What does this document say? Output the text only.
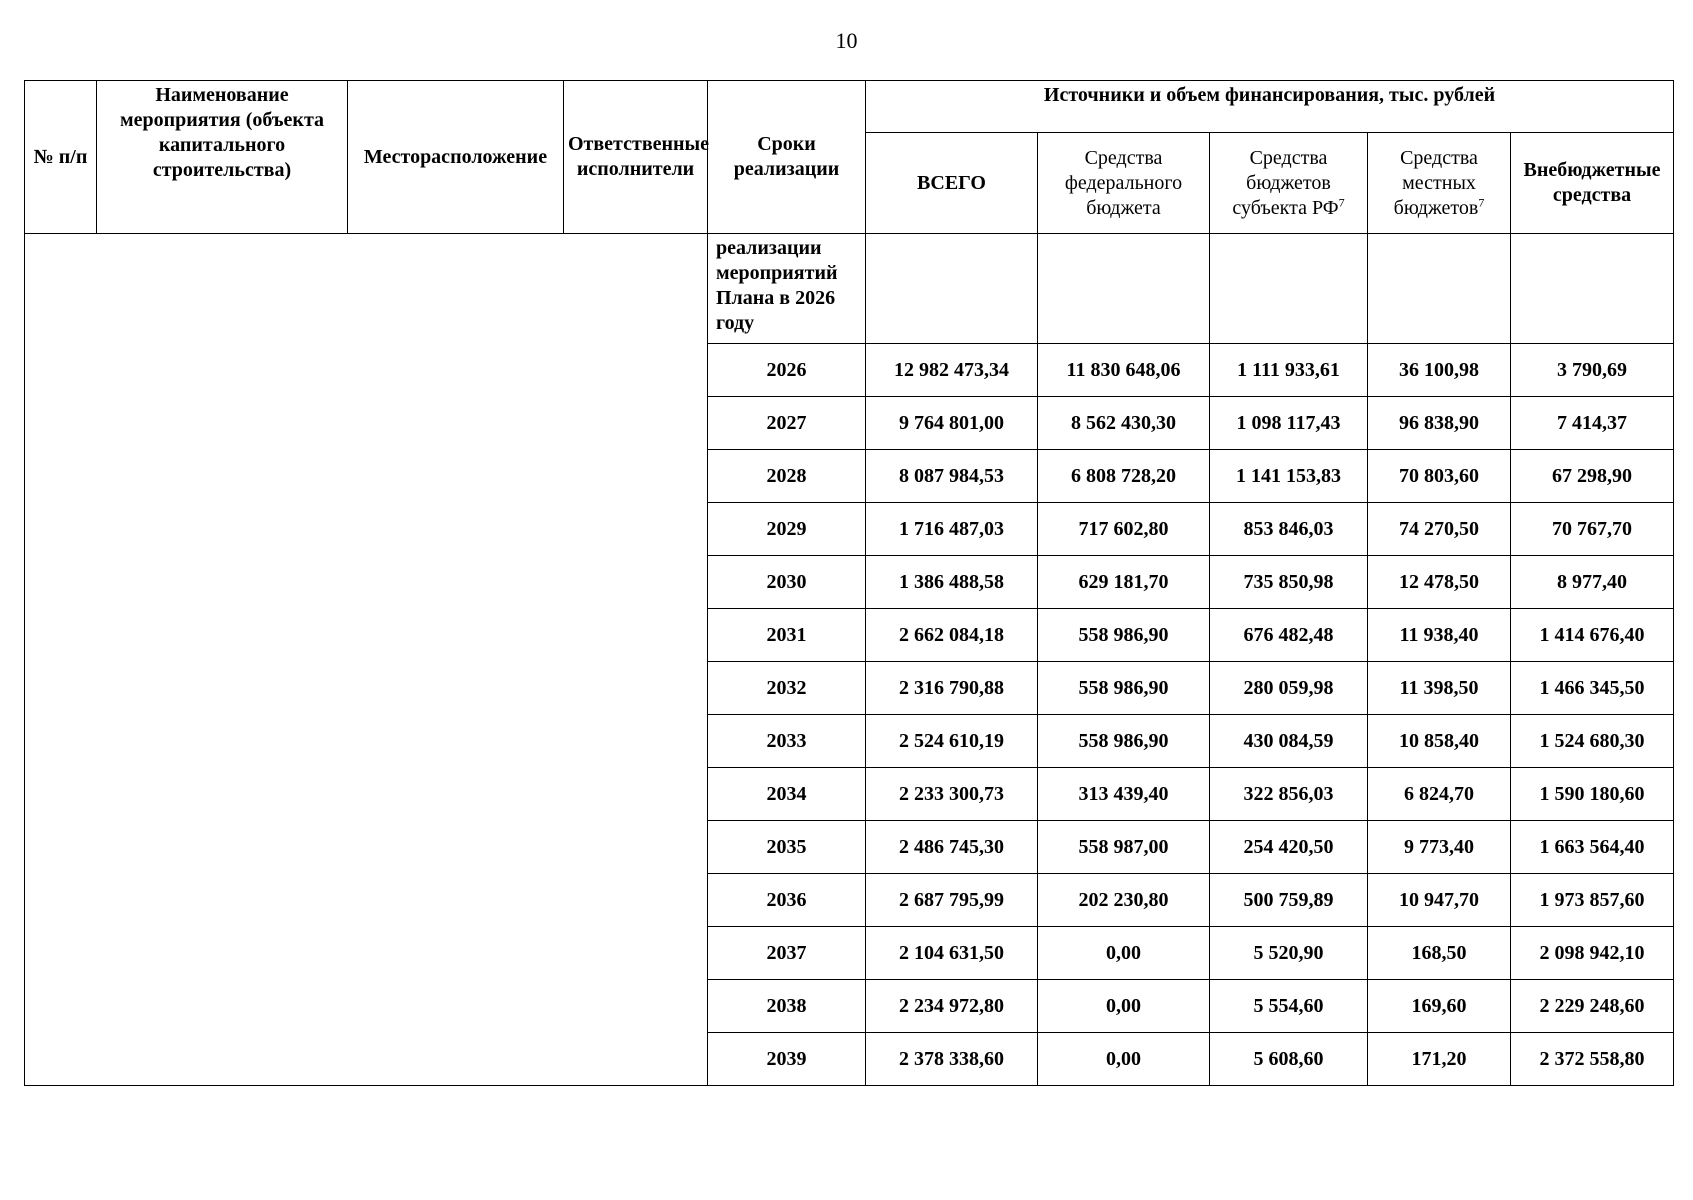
10
№ п/п	Наименование мероприятия (объекта капитального строительства)	Месторасположение	Ответственные исполнители	Сроки реализации	Источники и объем финансирования, тыс. рублей				
					ВСЕГО	Средства федерального бюджета	Средства бюджетов субъекта $РФ^7$	Средства местных бюджетов$^7$	Внебюджетные средства
				реализации мероприятий Плана в 2026 году					
				2026	12 982 473,34	11 830 648,06	1 111 933,61	36 100,98	3 790,69
				2027	9 764 801,00	8 562 430,30	1 098 117,43	96 838,90	7 414,37
				2028	8 087 984,53	6 808 728,20	1 141 153,83	70 803,60	67 298,90
				2029	1 716 487,03	717 602,80	853 846,03	74 270,50	70 767,70
				2030	1 386 488,58	629 181,70	735 850,98	12 478,50	8 977,40
				2031	2 662 084,18	558 986,90	676 482,48	11 938,40	1 414 676,40
				2032	2 316 790,88	558 986,90	280 059,98	11 398,50	1 466 345,50
				2033	2 524 610,19	558 986,90	430 084,59	10 858,40	1 524 680,30
				2034	2 233 300,73	313 439,40	322 856,03	6 824,70	1 590 180,60
				2035	2 486 745,30	558 987,00	254 420,50	9 773,40	1 663 564,40
				2036	2 687 795,99	202 230,80	500 759,89	10 947,70	1 973 857,60
				2037	2 104 631,50	0,00	5 520,90	168,50	2 098 942,10
				2038	2 234 972,80	0,00	5 554,60	169,60	2 229 248,60
				2039	2 378 338,60	0,00	5 608,60	171,20	2 372 558,80
